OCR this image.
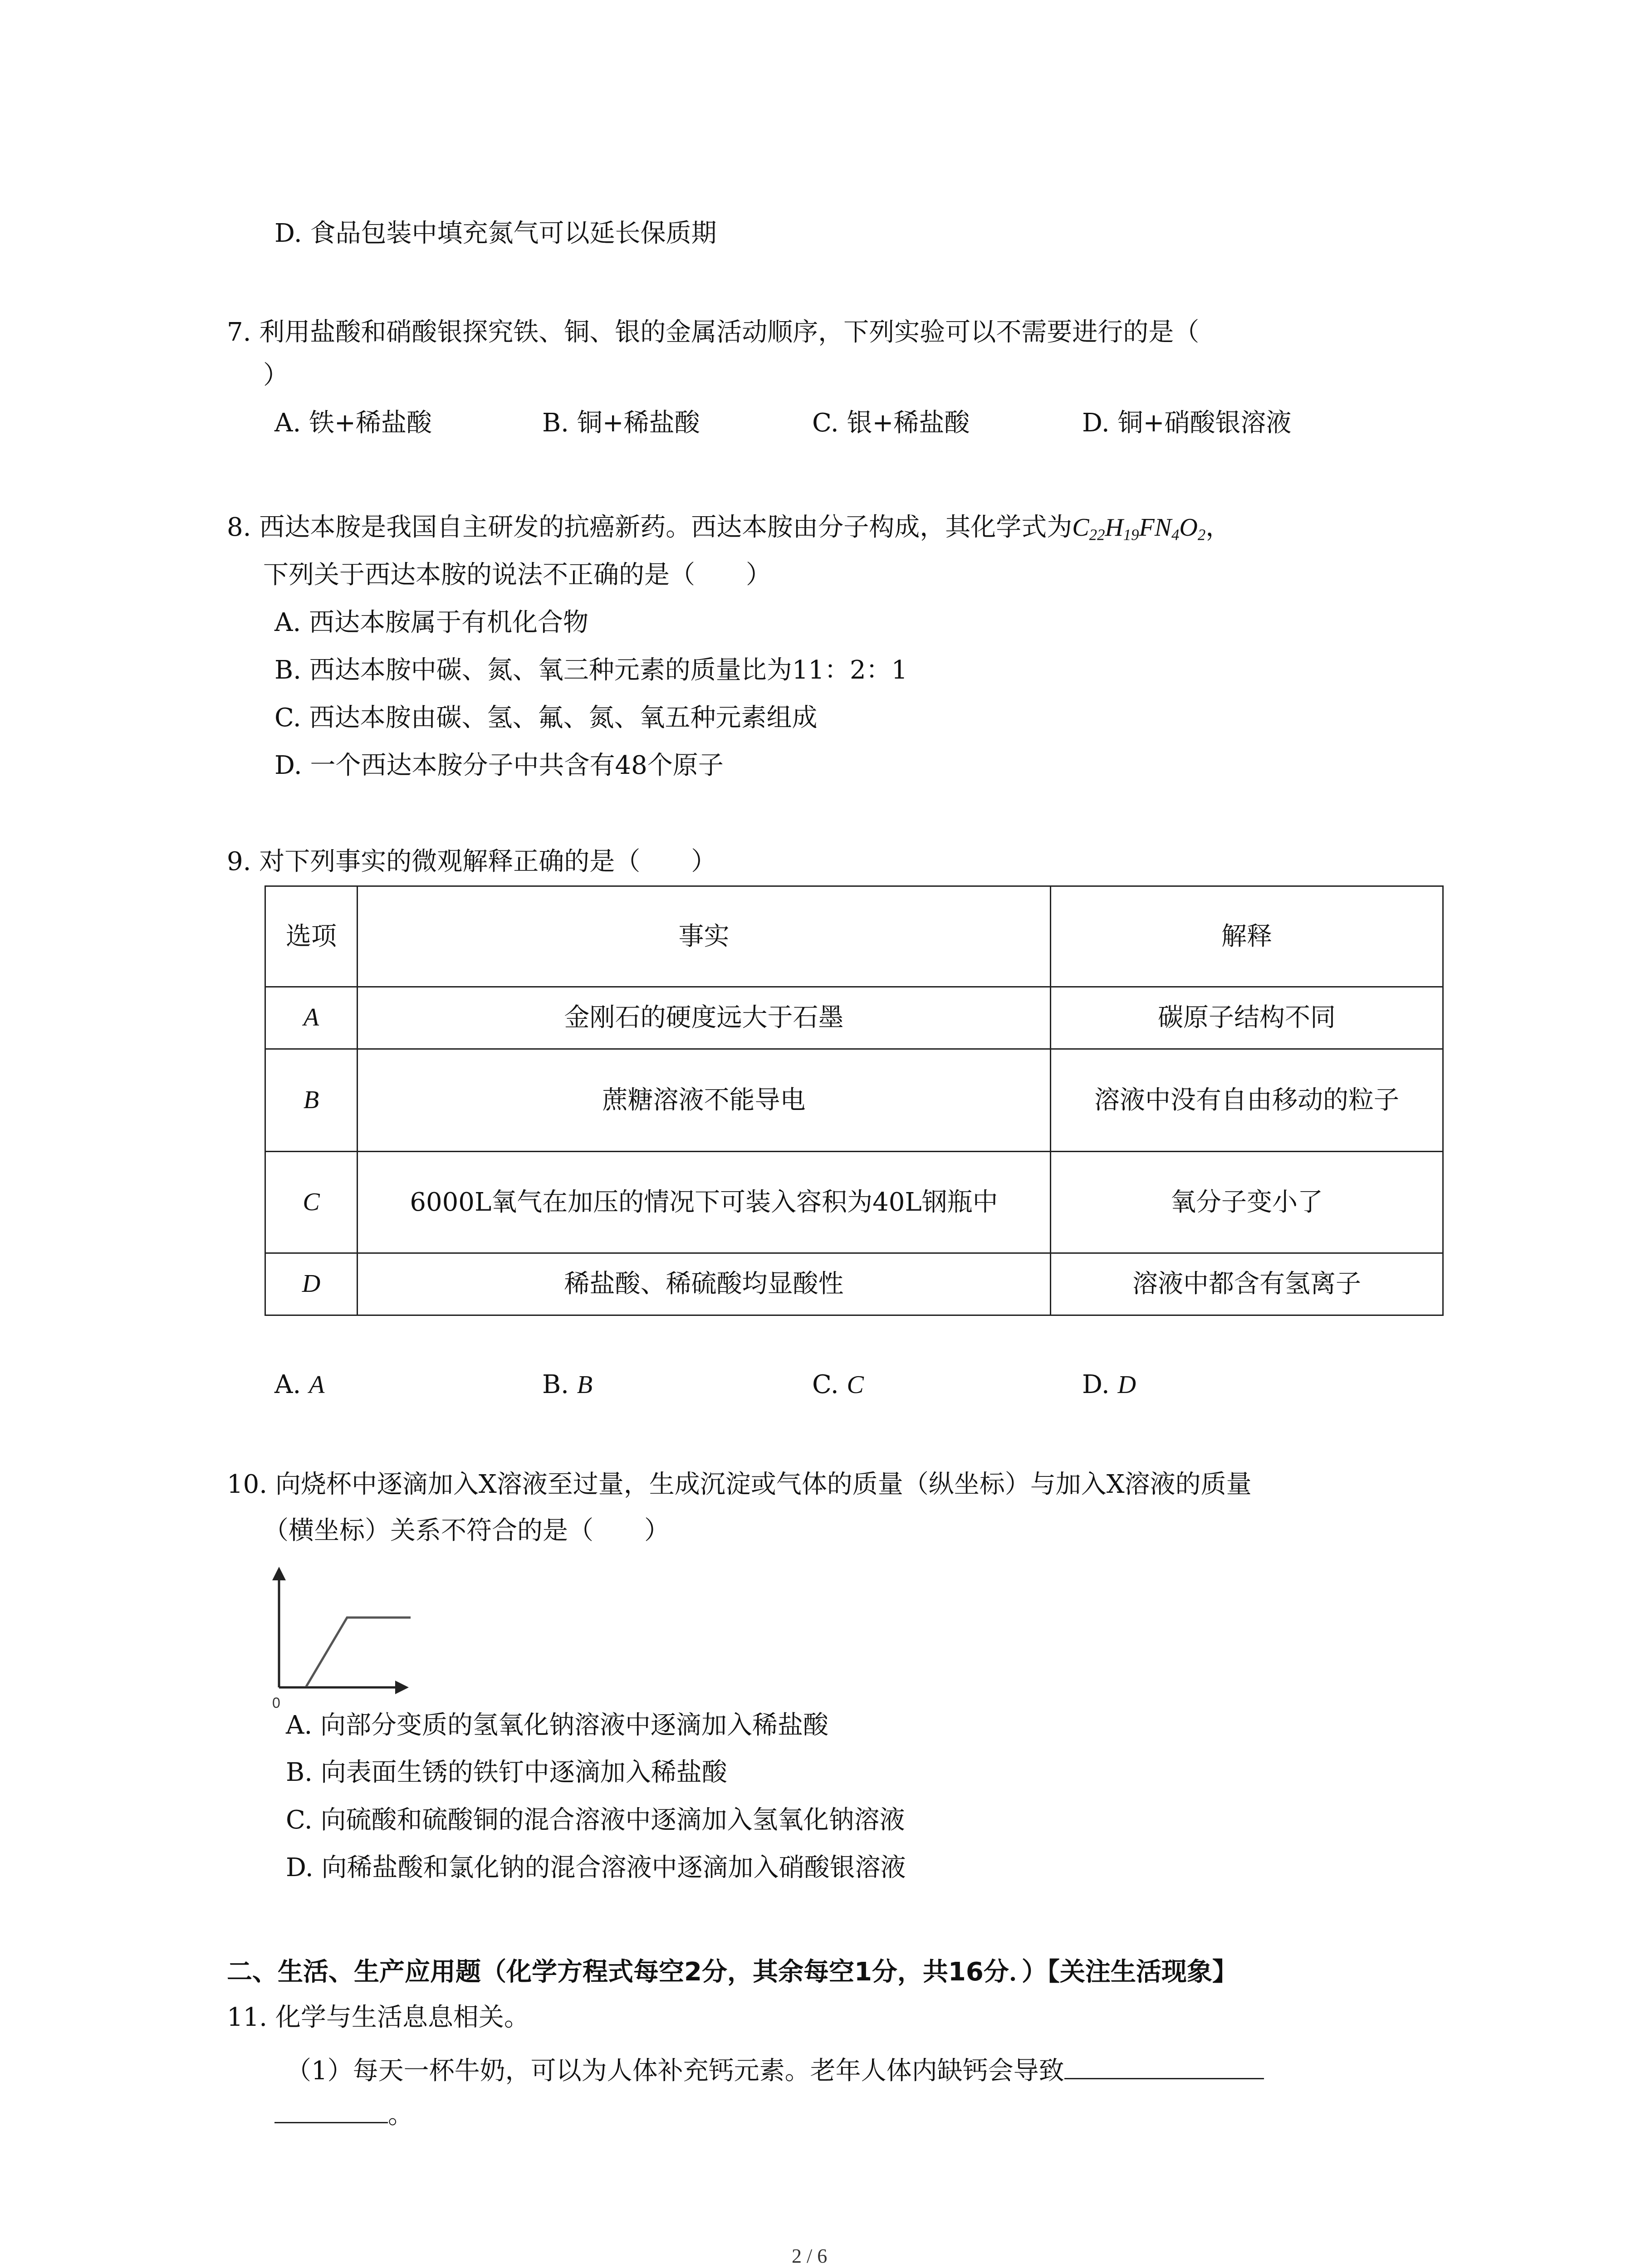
D. 食品包装中填充氮气可以延长保质期
7. 利用盐酸和硝酸银探究铁、铜、银的金属活动顺序，下列实验可以不需要进行的是（
）
A. 铁+稀盐酸	B. 铜+稀盐酸	C. 银+稀盐酸	D. 铜+硝酸银溶液
8. 西达本胺是我国自主研发的抗癌新药。西达本胺由分子构成，其化学式为$C_{22}H_{19}FN_4O_2$，
下列关于西达本胺的说法不正确的是（　　）
A. 西达本胺属于有机化合物
B. 西达本胺中碳、氮、氧三种元素的质量比为11：2：1
C. 西达本胺由碳、氢、氟、氮、氧五种元素组成
D. 一个西达本胺分子中共含有48个原子
9. 对下列事实的微观解释正确的是（　　）
选项	事实	解释
A	金刚石的硬度远大于石墨	碳原子结构不同
B	蔗糖溶液不能导电	溶液中没有自由移动的粒子
C	6000L氧气在加压的情况下可装入容积为40L钢瓶中	氧分子变小了
D	稀盐酸、稀硫酸均显酸性	溶液中都含有氢离子
A. A	B. B	C. C	D. D
10. 向烧杯中逐滴加入X溶液至过量，生成沉淀或气体的质量（纵坐标）与加入X溶液的质量
（横坐标）关系不符合的是（　　）
0
A. 向部分变质的氢氧化钠溶液中逐滴加入稀盐酸
B. 向表面生锈的铁钉中逐滴加入稀盐酸
C. 向硫酸和硫酸铜的混合溶液中逐滴加入氢氧化钠溶液
D. 向稀盐酸和氯化钠的混合溶液中逐滴加入硝酸银溶液
二、生活、生产应用题（化学方程式每空2分，其余每空1分，共16分．）【关注生活现象】
11. 化学与生活息息相关。
（1）每天一杯牛奶，可以为人体补充钙元素。老年人体内缺钙会导致
。
2 / 6
